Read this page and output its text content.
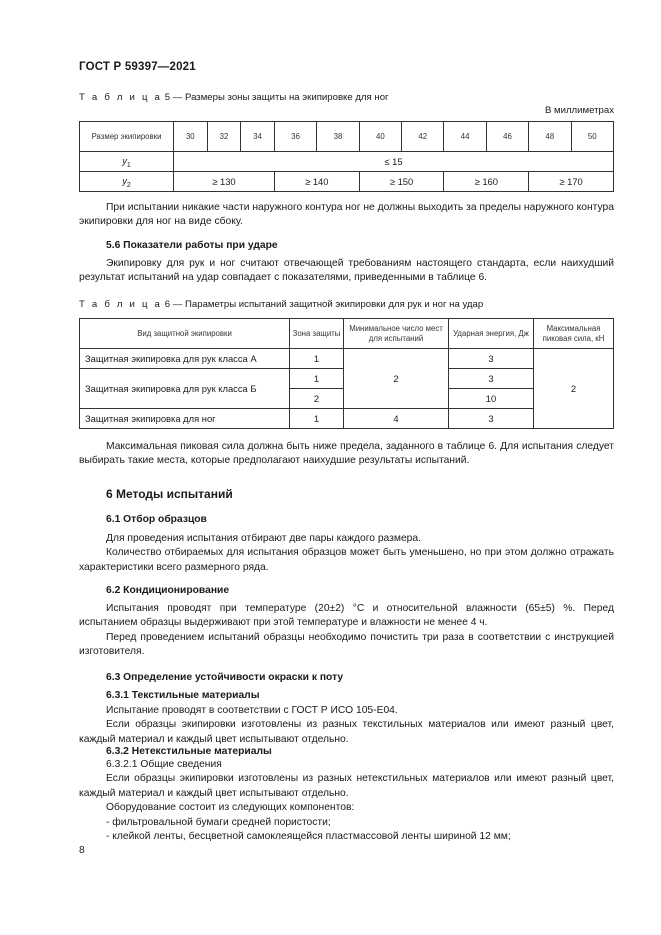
ГОСТ Р 59397—2021
Т а б л и ц а 5 — Размеры зоны защиты на экипировке для ног
В миллиметрах
Размер экипировки	30	32	34	36	38	40	42	44	46	48	50
$y_1$	≤ 15										
$y_2$	≥ 130			≥ 140		≥ 150		≥ 160		≥ 170	

При испытании никакие части наружного контура ног не должны выходить за пределы наружного контура экипировки для ног на виде сбоку.

5.6 Показатели работы при ударе

Экипировку для рук и ног считают отвечающей требованиям настоящего стандарта, если наихудший результат испытаний на удар совпадает с показателями, приведенными в таблице 6.

Т а б л и ц а 6 — Параметры испытаний защитной экипировки для рук и ног на удар
Вид защитной экипировки	Зона защиты	Минимальное число мест для испытаний	Ударная энергия, Дж	Максимальная пиковая сила, кН
Защитная экипировка для рук класса А	1	2	3	2
Защитная экипировка для рук класса Б	1		3	
	2		10	
Защитная экипировка для ног	1	4	3	

Максимальная пиковая сила должна быть ниже предела, заданного в таблице 6. Для испытания следует выбирать такие места, которые предполагают наихудшие результаты испытаний.

6 Методы испытаний
6.1 Отбор образцов

Для проведения испытания отбирают две пары каждого размера.

Количество отбираемых для испытания образцов может быть уменьшено, но при этом должно отражать характеристики всего размерного ряда.

6.2 Кондиционирование

Испытания проводят при температуре (20±2) °С и относительной влажности (65±5) %. Перед испытанием образцы выдерживают при этой температуре и влажности не менее 4 ч.

Перед проведением испытаний образцы необходимо почистить три раза в соответствии с инструкцией изготовителя.

6.3 Определение устойчивости окраски к поту
6.3.1 Текстильные материалы

Испытание проводят в соответствии с ГОСТ Р ИСО 105-Е04.

Если образцы экипировки изготовлены из разных текстильных материалов или имеют разный цвет, каждый материал и каждый цвет испытывают отдельно.

6.3.2 Нетекстильные материалы

6.3.2.1 Общие сведения

Если образцы экипировки изготовлены из разных нетекстильных материалов или имеют разный цвет, каждый материал и каждый цвет испытывают отдельно.

Оборудование состоит из следующих компонентов:

- фильтровальной бумаги средней пористости;

- клейкой ленты, бесцветной самоклеящейся пластмассовой ленты шириной 12 мм;

8
